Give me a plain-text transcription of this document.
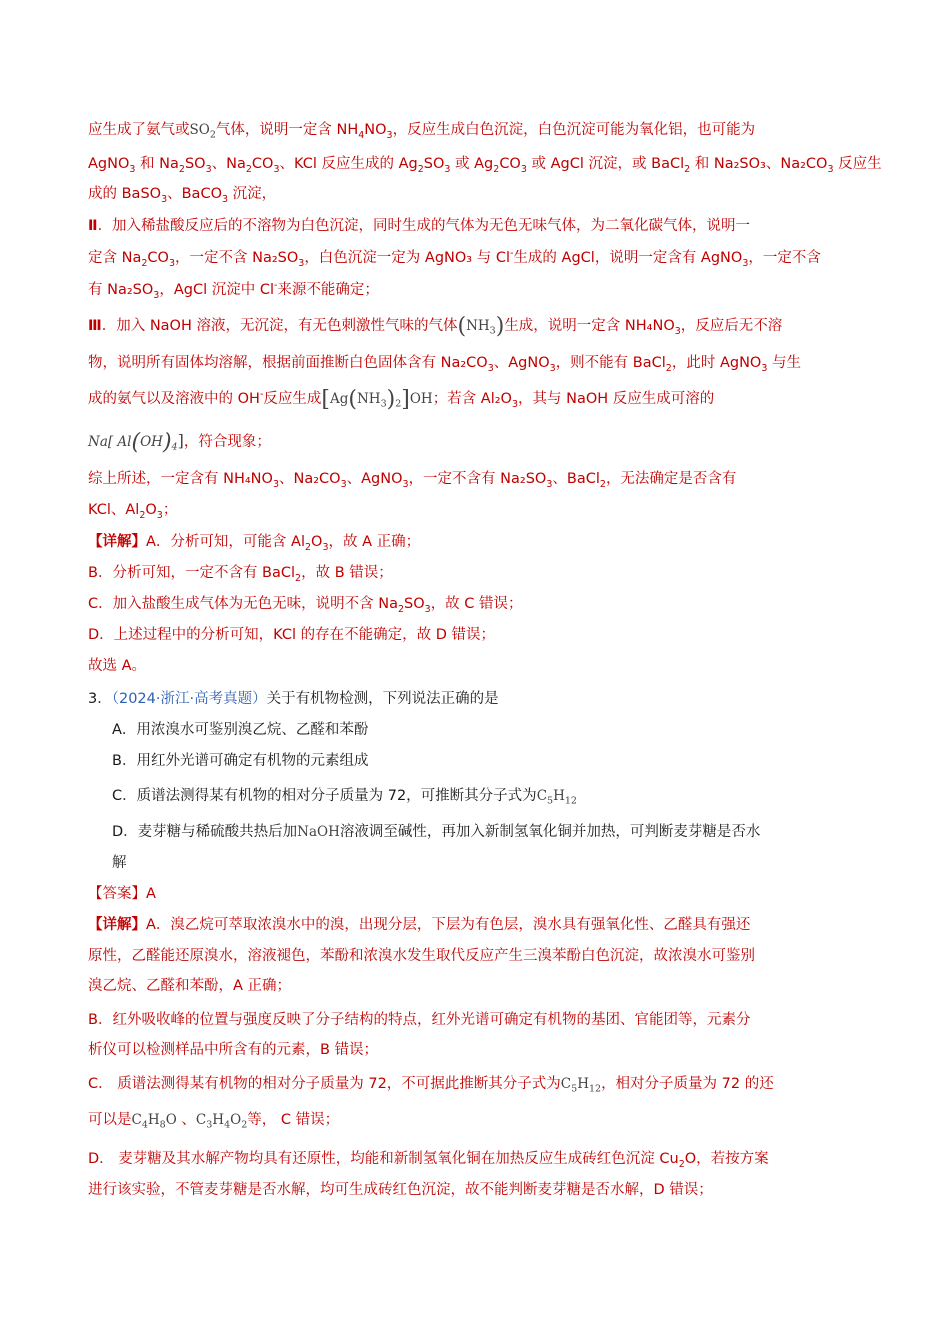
应生成了氨气或$SO_2$气体，说明一定含 $NH_4NO_3$，反应生成白色沉淀，白色沉淀可能为氧化铝，也可能为
AgNO$_3$ 和 $Na_2SO_3$、$Na_2CO_3$、KCl 反应生成的 $Ag_2SO_3$ 或 $Ag_2CO_3$ 或 AgCl 沉淀，或 BaCl$_2$ 和 Na₂SO₃、$Na_2CO_3$ 反应生
成的 BaSO$_3$、BaCO$_3$ 沉淀，
Ⅱ．加入稀盐酸反应后的不溶物为白色沉淀，同时生成的气体为无色无味气体，为二氧化碳气体，说明一
定含 $Na_2CO_3$，一定不含 $Na_2SO_3$，白色沉淀一定为 AgNO₃ 与 Cl-生成的 AgCl，说明一定含有 AgNO$_3$，一定不含
有 $Na_2SO_3$，AgCl 沉淀中 Cl-来源不能确定；
Ⅲ．加入 NaOH 溶液，无沉淀，有无色刺激性气味的气体$(NH_3)$生成，说明一定含 $NH_4NO_3$，反应后无不溶
物，说明所有固体均溶解，根据前面推断白色固体含有 $Na_2CO_3$、AgNO$_3$，则不能有 BaCl$_2$，此时 AgNO$_3$ 与生
成的氨气以及溶液中的 OH-反应生成$[Ag(NH_3)_2]OH$；若含 $Al_2O_3$，其与 NaOH 反应生成可溶的
Na[ $Al(OH)_4$]，符合现象；
综上所述，一定含有 $NH_4NO_3$、$Na_2CO_3$、AgNO$_3$，一定不含有 $Na_2SO_3$、BaCl$_2$，无法确定是否含有
KCl、$Al_2O_3$；
【详解】A．分析可知，可能含 $Al_2O_3$，故 A 正确；
B．分析可知，一定不含有 BaCl$_2$，故 B 错误；
C．加入盐酸生成气体为无色无味，说明不含 $Na_2SO_3$，故 C 错误；
D．上述过程中的分析可知，KCl 的存在不能确定，故 D 错误；
故选 A。
3．（2024·浙江·高考真题）关于有机物检测，下列说法正确的是
A．用浓溴水可鉴别溴乙烷、乙醛和苯酚
B．用红外光谱可确定有机物的元素组成
C．质谱法测得某有机物的相对分子质量为 72，可推断其分子式为$C_5H_{12}$
D．麦芽糖与稀硫酸共热后加NaOH溶液调至碱性，再加入新制氢氧化铜并加热，可判断麦芽糖是否水
解
【答案】A
【详解】A．溴乙烷可萃取浓溴水中的溴，出现分层，下层为有色层，溴水具有强氧化性、乙醛具有强还
原性，乙醛能还原溴水，溶液褪色，苯酚和浓溴水发生取代反应产生三溴苯酚白色沉淀，故浓溴水可鉴别
溴乙烷、乙醛和苯酚，A 正确；
B．红外吸收峰的位置与强度反映了分子结构的特点，红外光谱可确定有机物的基团、官能团等，元素分
析仪可以检测样品中所含有的元素，B 错误；
C． 质谱法测得某有机物的相对分子质量为 72，不可据此推断其分子式为$C_5H_{12}$，相对分子质量为 72 的还
可以是$C_4H_8O$ 、$C_3H_4O_2$等， C 错误；
D． 麦芽糖及其水解产物均具有还原性，均能和新制氢氧化铜在加热反应生成砖红色沉淀 $Cu_2O$，若按方案
进行该实验，不管麦芽糖是否水解，均可生成砖红色沉淀，故不能判断麦芽糖是否水解，D 错误；
